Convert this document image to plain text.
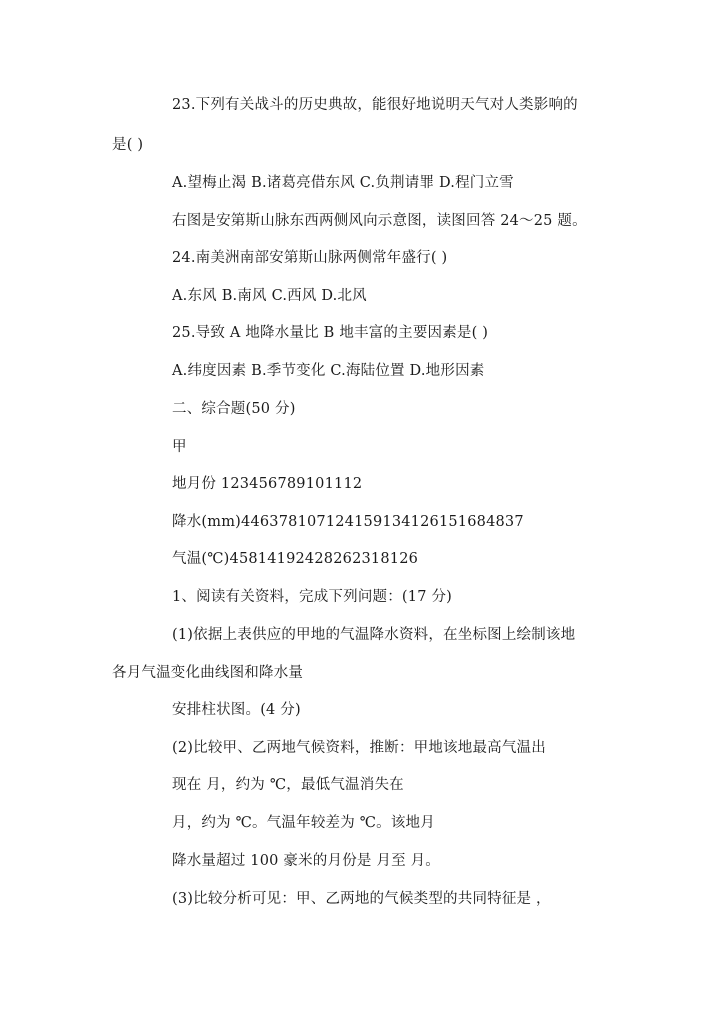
23.下列有关战斗的历史典故，能很好地说明天气对人类影响的
是( )
A.望梅止渴 B.诸葛亮借东风 C.负荆请罪 D.程门立雪
右图是安第斯山脉东西两侧风向示意图，读图回答 24～25 题。
24.南美洲南部安第斯山脉两侧常年盛行( )
A.东风 B.南风 C.西风 D.北风
25.导致 A 地降水量比 B 地丰富的主要因素是( )
A.纬度因素 B.季节变化 C.海陆位置 D.地形因素
二、综合题(50 分)
甲
地月份 123456789101112
降水(mm)446378107124159134126151684837
气温(℃)45814192428262318126
1、阅读有关资料，完成下列问题：(17 分)
(1)依据上表供应的甲地的气温降水资料，在坐标图上绘制该地
各月气温变化曲线图和降水量
安排柱状图。(4 分)
(2)比较甲、乙两地气候资料，推断：甲地该地最高气温出
现在 月，约为 ℃，最低气温消失在
月，约为 ℃。气温年较差为 ℃。该地月
降水量超过 100 豪米的月份是 月至 月。
(3)比较分析可见：甲、乙两地的气候类型的共同特征是 ，
